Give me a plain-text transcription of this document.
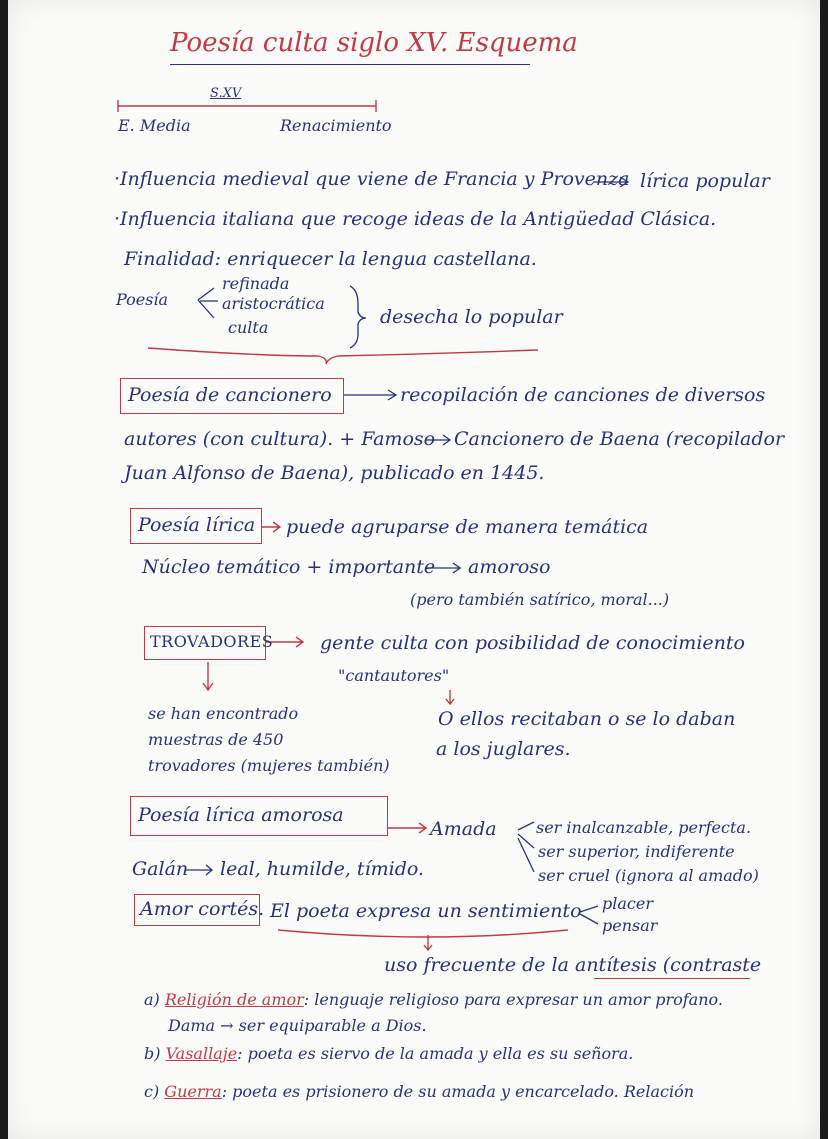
Poesía culta siglo XV. Esquema
S.XV
E. Media	Renacimiento
·Influencia medieval que viene de Francia y Provenza lírica popular
·Influencia italiana que recoge ideas de la Antigüedad Clásica.
Finalidad: enriquecer la lengua castellana.
Poesía
refinada
aristocrática
culta	desecha lo popular
Poesía de cancionero	recopilación de canciones de diversos
autores (con cultura). + Famoso Cancionero de Baena (recopilador
Juan Alfonso de Baena), publicado en 1445.
Poesía lírica puede agruparse de manera temática
Núcleo temático + importante amoroso
(pero también satírico, moral...)
TROVADORES gente culta con posibilidad de conocimiento
"cantautores"
se han encontrado
muestras de 450
trovadores (mujeres también)
O ellos recitaban o se lo daban
a los juglares.
Poesía lírica amorosa
Amada ser inalcanzable, perfecta.
ser superior, indiferente
ser cruel (ignora al amado)
Galán leal, humilde, tímido.
Amor cortés. El poeta expresa un sentimiento placer
pensar
uso frecuente de la antítesis (contraste
a) Religión de amor: lenguaje religioso para expresar un amor profano.
Dama → ser equiparable a Dios.
b) Vasallaje: poeta es siervo de la amada y ella es su señora.
c) Guerra: poeta es prisionero de su amada y encarcelado. Relación
